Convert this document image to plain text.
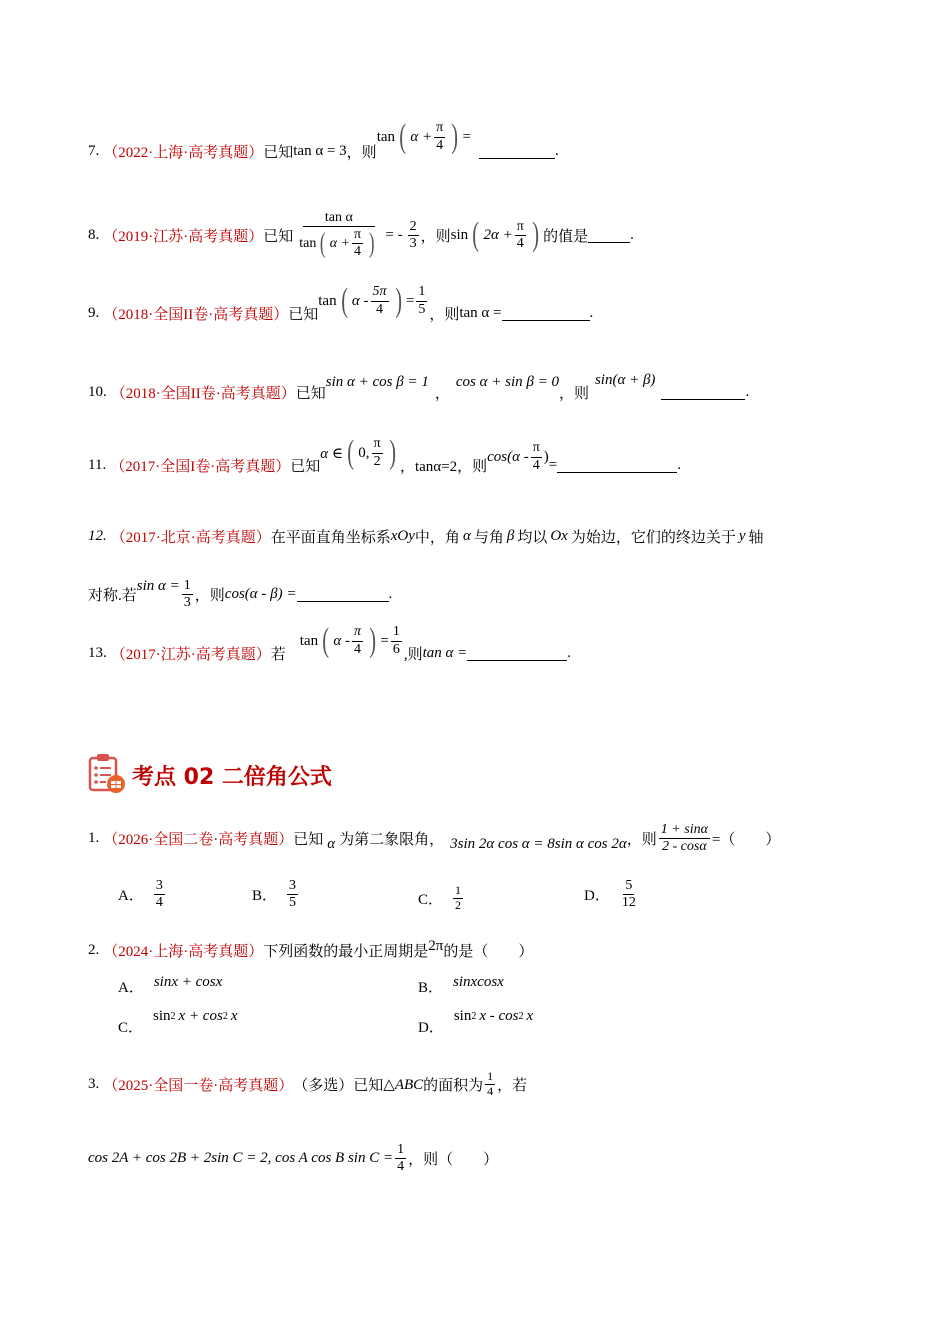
7. （2022·上海·高考真题） 已知 tan α = 3 ，则
tan ( $\alpha + \frac{\pi}{4}$ ) =
.
8. （2019·江苏·高考真题） 已知 $\frac{\text{tan α}}{\tan ( \alpha + \frac{\pi}{4} )}$ = - $\frac{2}{3}$ ，则 sin ( $2\alpha + \frac{\pi}{4}$ ) 的值是	.
9. （2018·全国II卷·高考真题） 已知
tan ( α - $\frac{5\pi}{4}$ ) = $\frac{1}{5}$ ，则 tan α =	.
10. （2018·全国II卷·高考真题） 已知
sin α + cos β = 1
，
cos α + sin β = 0
，则
sin(α + β)
.
11. （2017·全国I卷·高考真题） 已知
α ∈ ( 0, $\frac{\pi}{2}$ ) ，tanα=2，则
$\cos(\alpha - \frac{\pi}{4}$ ) =	.
12. （2017·北京·高考真题） 在平面直角坐标系 xOy 中，角 α 与角 β 均以 Ox 为始边，它们的终边关于 y 轴
对称.若
$\sin \alpha = \frac{1}{3}$ ，则 cos(α - β) =	.
13. （2017·江苏·高考真题） 若
tan ( α - $\frac{\pi}{4}$ ) = $\frac{1}{6}$ ,则 tan α =	.
考点 02 二倍角公式
1. （2026·全国二卷·高考真题） 已知 α 为第二象限角， 3sin 2α cos α = 8sin α cos 2α ，则 $\frac{1 + \sin\alpha}{2 - \cos\alpha}$ =（　　）
A． $\frac{3}{4}$	B． $\frac{3}{5}$	C． $\frac{1}{2}$	D． $\frac{5}{12}$
2. （2024·上海·高考真题） 下列函数的最小正周期是 2π 的是（　　）
A． sinx + cosx	B． sinxcosx
C．
sin 2 x + cos 2 x
D．
sin 2 x - cos 2 x
3. （2025·全国一卷·高考真题） （多选） 已知 △ABC 的面积为 $\frac{1}{4}$ ，若
cos 2A + cos 2B + 2sin C = 2, cos A cos B $\sin C = \frac{1}{4}$ ，则（　　）
